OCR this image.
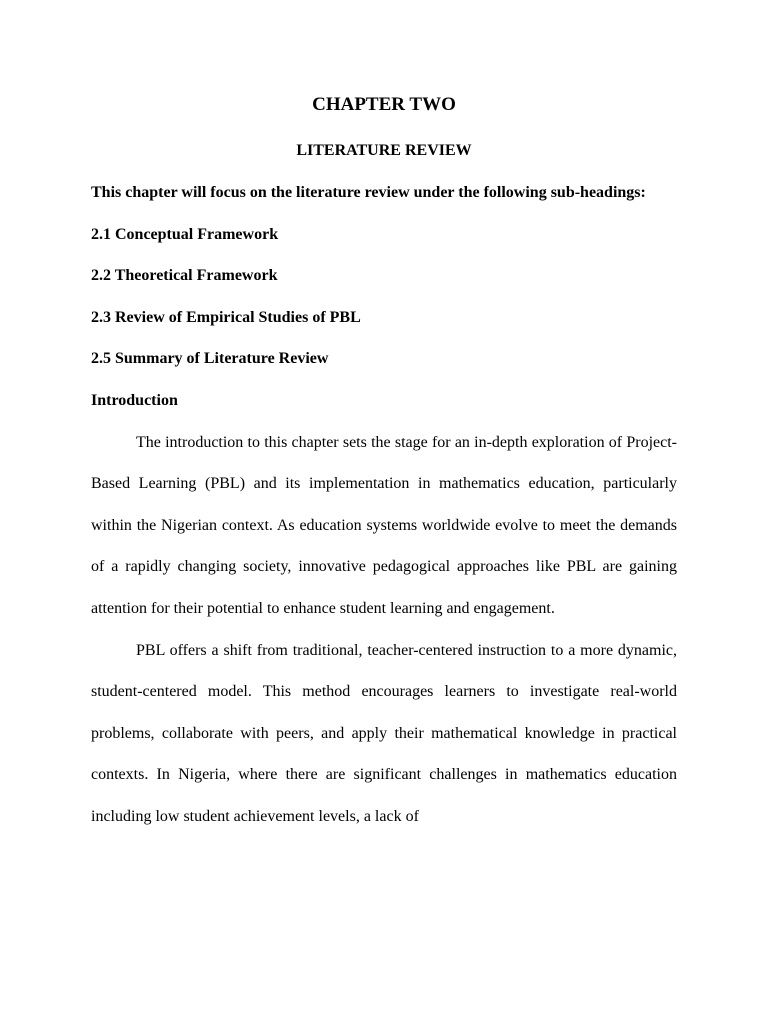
CHAPTER TWO
LITERATURE REVIEW

This chapter will focus on the literature review under the following sub-headings:

2.1 Conceptual Framework

2.2 Theoretical Framework

2.3 Review of Empirical Studies of PBL

2.5 Summary of Literature Review

Introduction

The introduction to this chapter sets the stage for an in-depth exploration of Project-Based Learning (PBL) and its implementation in mathematics education, particularly within the Nigerian context. As education systems worldwide evolve to meet the demands of a rapidly changing society, innovative pedagogical approaches like PBL are gaining attention for their potential to enhance student learning and engagement.

PBL offers a shift from traditional, teacher-centered instruction to a more dynamic, student-centered model. This method encourages learners to investigate real-world problems, collaborate with peers, and apply their mathematical knowledge in practical contexts. In Nigeria, where there are significant challenges in mathematics education including low student achievement levels, a lack of
